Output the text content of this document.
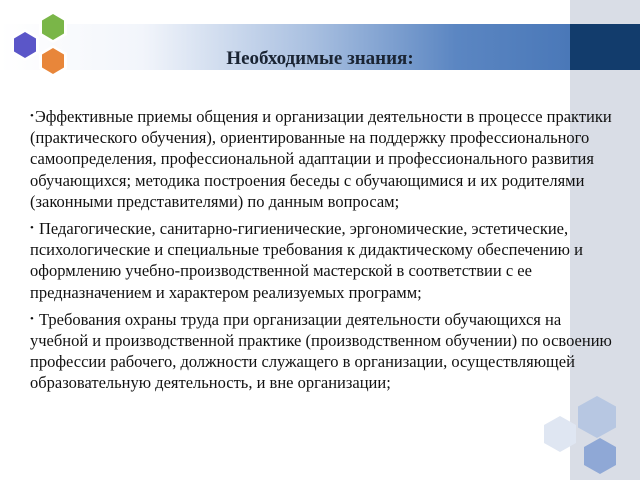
Необходимые знания:

•Эффективные приемы общения и организации деятельности в процессе практики (практического обучения), ориентированные на поддержку профессионального самоопределения, профессиональной адаптации и профессионального развития обучающихся; методика построения беседы с обучающимися и их родителями (законными представителями) по данным вопросам;

• Педагогические, санитарно-гигиенические, эргономические, эстетические, психологические и специальные требования к дидактическому обеспечению и оформлению учебно-производственной мастерской в соответствии с ее предназначением и характером реализуемых программ;

• Требования охраны труда при организации деятельности обучающихся на учебной и производственной практике (производственном обучении) по освоению профессии рабочего, должности служащего в организации, осуществляющей образовательную деятельность, и вне организации;
